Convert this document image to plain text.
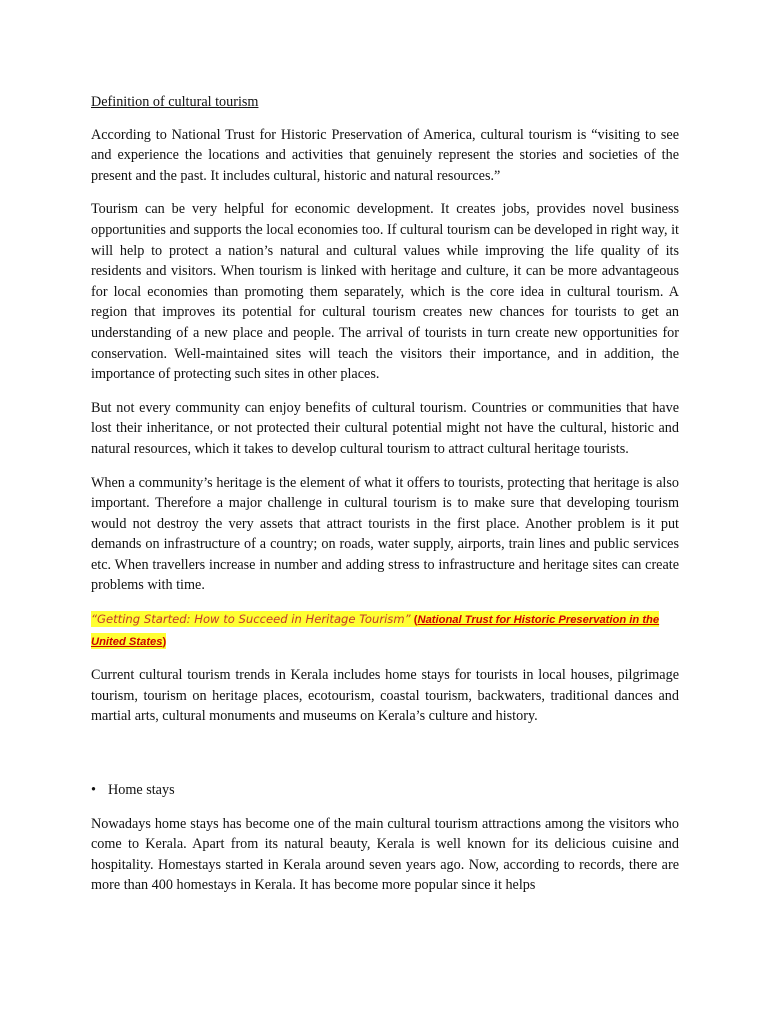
Definition of cultural tourism

According to National Trust for Historic Preservation of America, cultural tourism is “visiting to see and experience the locations and activities that genuinely represent the stories and societies of the present and the past. It includes cultural, historic and natural resources.”

Tourism can be very helpful for economic development. It creates jobs, provides novel business opportunities and supports the local economies too. If cultural tourism can be developed in right way, it will help to protect a nation’s natural and cultural values while improving the life quality of its residents and visitors. When tourism is linked with heritage and culture, it can be more advantageous for local economies than promoting them separately, which is the core idea in cultural tourism. A region that improves its potential for cultural tourism creates new chances for tourists to get an understanding of a new place and people. The arrival of tourists in turn create new opportunities for conservation. Well-maintained sites will teach the visitors their importance, and in addition, the importance of protecting such sites in other places.

But not every community can enjoy benefits of cultural tourism. Countries or communities that have lost their inheritance, or not protected their cultural potential might not have the cultural, historic and natural resources, which it takes to develop cultural tourism to attract cultural heritage tourists.

When a community’s heritage is the element of what it offers to tourists, protecting that heritage is also important. Therefore a major challenge in cultural tourism is to make sure that developing tourism would not destroy the very assets that attract tourists in the first place. Another problem is it put demands on infrastructure of a country; on roads, water supply, airports, train lines and public services etc. When travellers increase in number and adding stress to infrastructure and heritage sites can create problems with time.

“Getting Started: How to Succeed in Heritage Tourism” (National Trust for Historic Preservation in the United States)

Current cultural tourism trends in Kerala includes home stays for tourists in local houses, pilgrimage tourism, tourism on heritage places, ecotourism, coastal tourism, backwaters, traditional dances and martial arts, cultural monuments and museums on Kerala’s culture and history.

• Home stays

Nowadays home stays has become one of the main cultural tourism attractions among the visitors who come to Kerala. Apart from its natural beauty, Kerala is well known for its delicious cuisine and hospitality. Homestays started in Kerala around seven years ago. Now, according to records, there are more than 400 homestays in Kerala. It has become more popular since it helps
